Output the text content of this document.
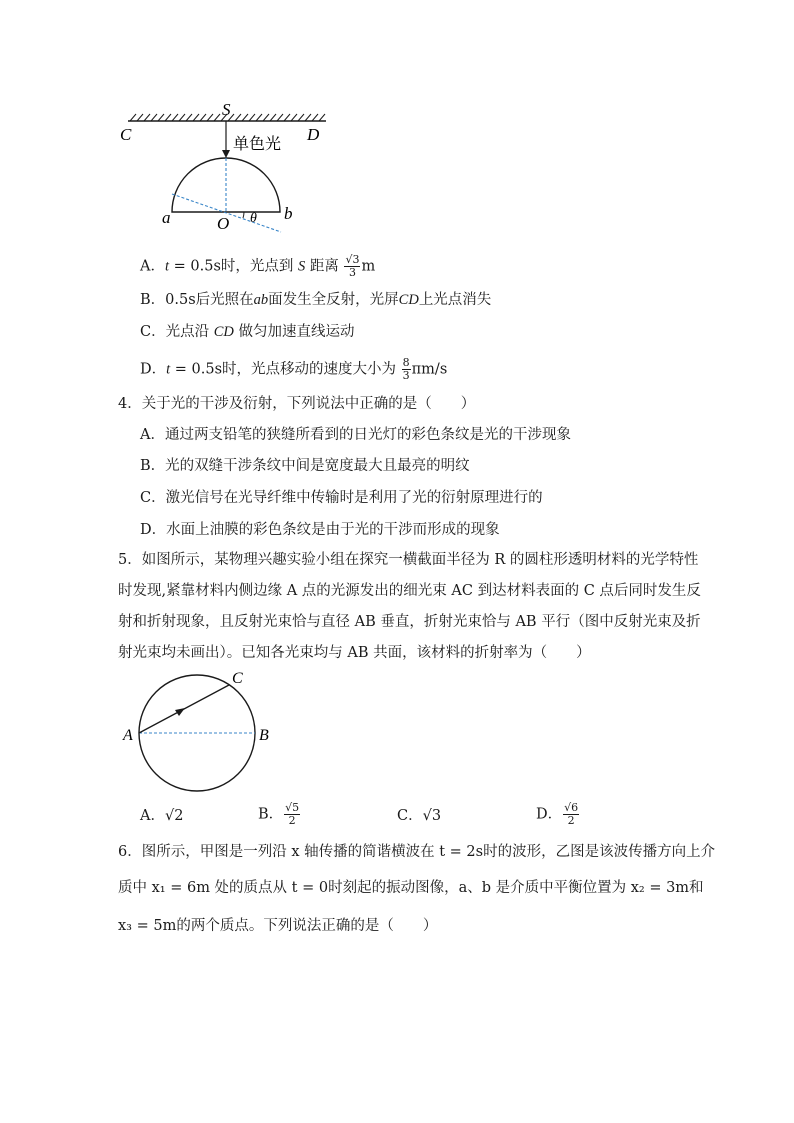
S
C	D
单色光
a	O
b
θ
A．t = 0.5s时，光点到 S 距离 $\frac{√3}{3}$ m
B．0.5s后光照在ab面发生全反射，光屏CD上光点消失
C．光点沿 CD 做匀加速直线运动
D．t = 0.5s时，光点移动的速度大小为 $\frac{8}{3} \pi m/s$
4．关于光的干涉及衍射，下列说法中正确的是（　　）
A．通过两支铅笔的狭缝所看到的日光灯的彩色条纹是光的干涉现象
B．光的双缝干涉条纹中间是宽度最大且最亮的明纹
C．激光信号在光导纤维中传输时是利用了光的衍射原理进行的
D．水面上油膜的彩色条纹是由于光的干涉而形成的现象
5．如图所示，某物理兴趣实验小组在探究一横截面半径为 R 的圆柱形透明材料的光学特性
时发现,紧靠材料内侧边缘 A 点的光源发出的细光束 AC 到达材料表面的 C 点后同时发生反
射和折射现象，且反射光束恰与直径 AB 垂直，折射光束恰与 AB 平行（图中反射光束及折
射光束均未画出）。已知各光束均与 AB 共面，该材料的折射率为（　　）
A	B
C
A．√2	B． $\frac{√5}{2}$	C．√3	D． $\frac{√6}{2}$
6．图所示，甲图是一列沿 x 轴传播的简谐横波在 t = 2s时的波形，乙图是该波传播方向上介
质中 x₁ = 6m 处的质点从 t = 0时刻起的振动图像，a、b 是介质中平衡位置为 x₂ = 3m和
x₃ = 5m的两个质点。下列说法正确的是（　　）
